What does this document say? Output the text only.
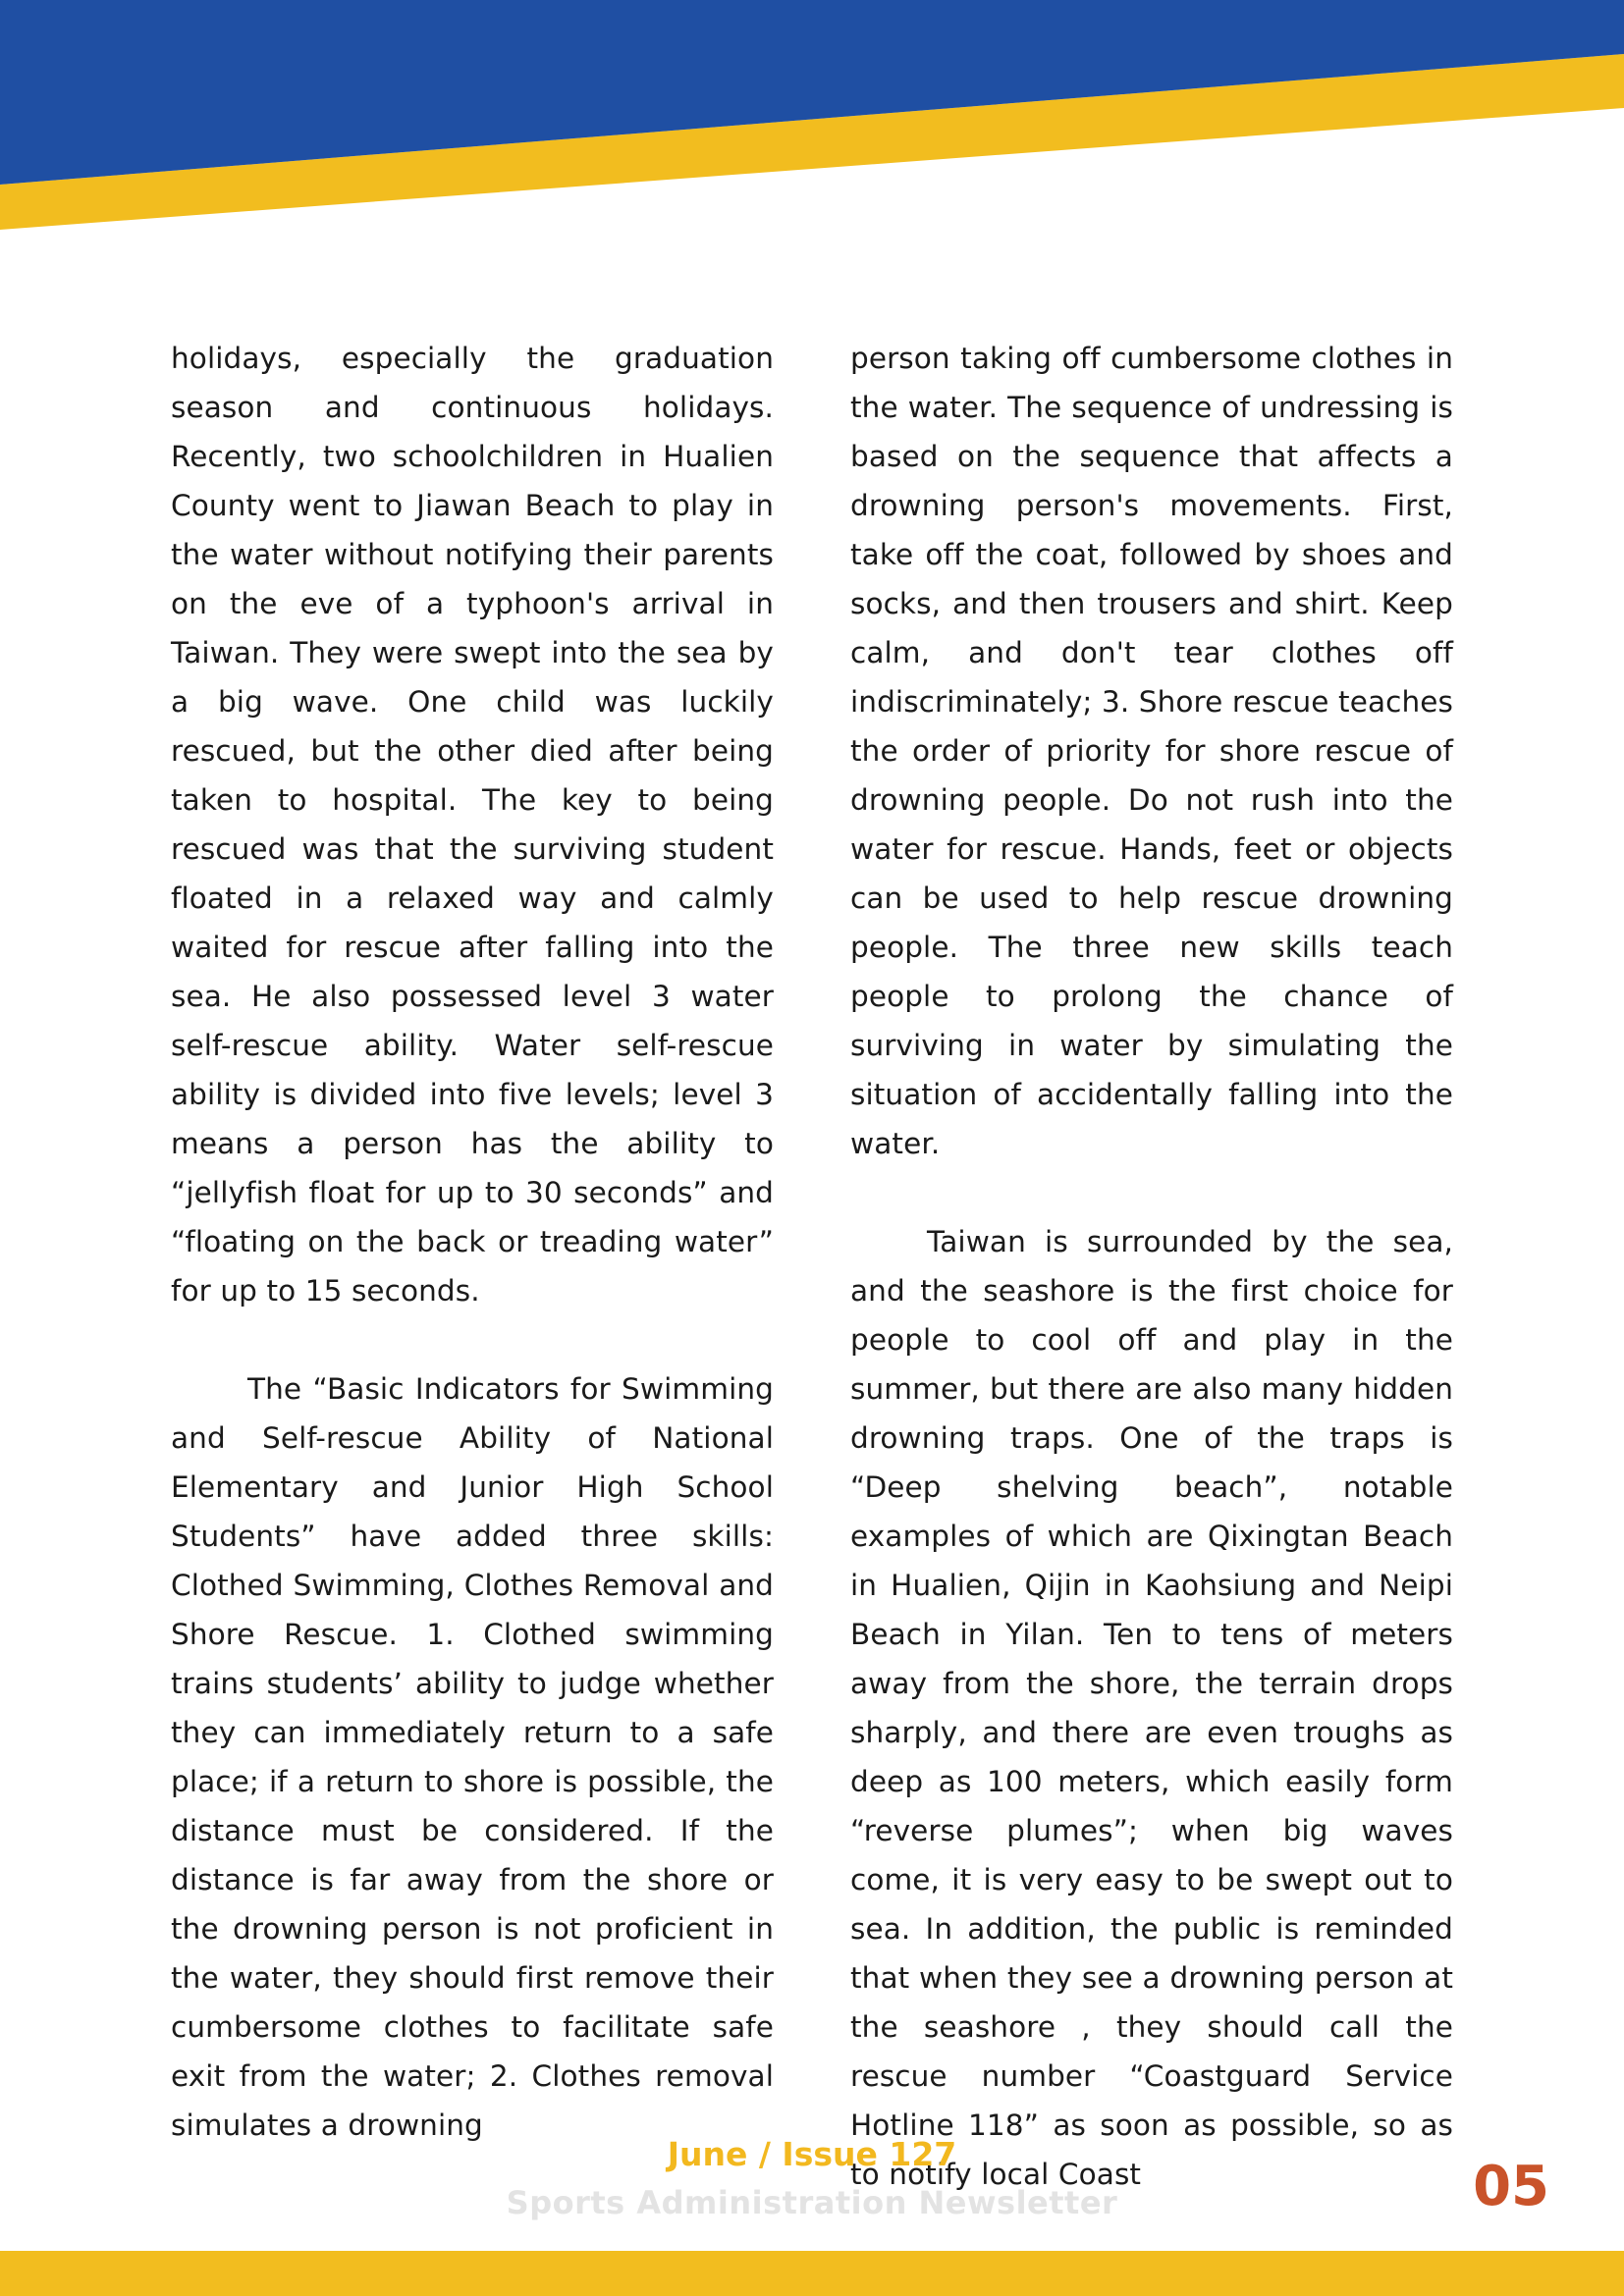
holidays, especially the graduation season and continuous holidays. Recently, two schoolchildren in Hualien County went to Jiawan Beach to play in the water without notifying their parents on the eve of a typhoon's arrival in Taiwan. They were swept into the sea by a big wave. One child was luckily rescued, but the other died after being taken to hospital. The key to being rescued was that the surviving student floated in a relaxed way and calmly waited for rescue after falling into the sea. He also possessed level 3 water self-rescue ability. Water self-rescue ability is divided into five levels; level 3 means a person has the ability to “jellyfish float for up to 30 seconds” and “floating on the back or treading water” for up to 15 seconds.

The “Basic Indicators for Swimming and Self-rescue Ability of National Elementary and Junior High School Students” have added three skills: Clothed Swimming, Clothes Removal and Shore Rescue. 1. Clothed swimming trains students’ ability to judge whether they can immediately return to a safe place; if a return to shore is possible, the distance must be considered. If the distance is far away from the shore or the drowning person is not proficient in the water, they should first remove their cumbersome clothes to facilitate safe exit from the water; 2. Clothes removal simulates a drowning

person taking off cumbersome clothes in the water. The sequence of undressing is based on the sequence that affects a drowning person's movements. First, take off the coat, followed by shoes and socks, and then trousers and shirt. Keep calm, and don't tear clothes off indiscriminately; 3. Shore rescue teaches the order of priority for shore rescue of drowning people. Do not rush into the water for rescue. Hands, feet or objects can be used to help rescue drowning people. The three new skills teach people to prolong the chance of surviving in water by simulating the situation of accidentally falling into the water.

Taiwan is surrounded by the sea, and the seashore is the first choice for people to cool off and play in the summer, but there are also many hidden drowning traps. One of the traps is “Deep shelving beach”, notable examples of which are Qixingtan Beach in Hualien, Qijin in Kaohsiung and Neipi Beach in Yilan. Ten to tens of meters away from the shore, the terrain drops sharply, and there are even troughs as deep as 100 meters, which easily form “reverse plumes”; when big waves come, it is very easy to be swept out to sea. In addition, the public is reminded that when they see a drowning person at the seashore , they should call the rescue number “Coastguard Service Hotline 118” as soon as possible, so as to notify local Coast

June / Issue 127
Sports Administration Newsletter	05
